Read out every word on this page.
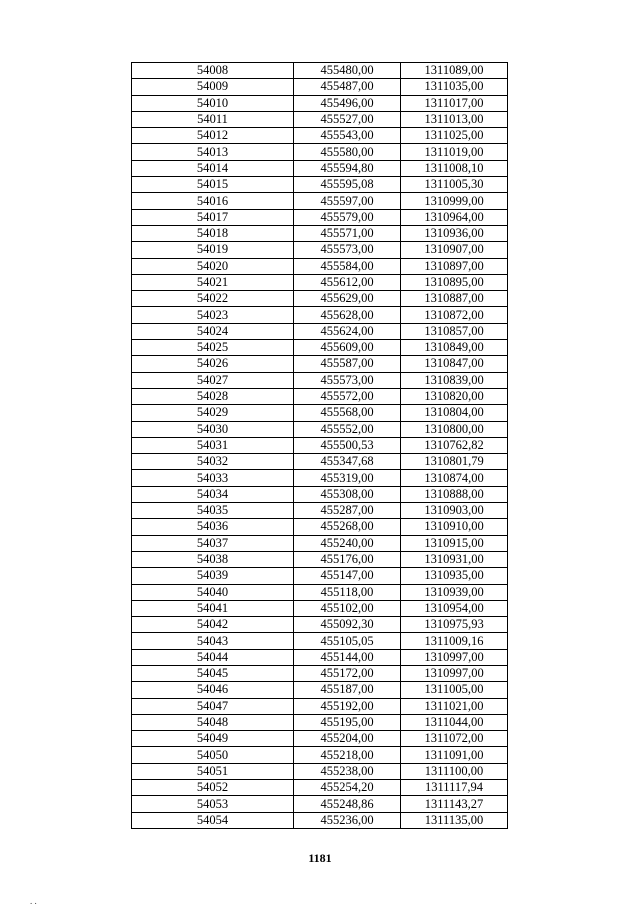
54008	455480,00	1311089,00
54009	455487,00	1311035,00
54010	455496,00	1311017,00
54011	455527,00	1311013,00
54012	455543,00	1311025,00
54013	455580,00	1311019,00
54014	455594,80	1311008,10
54015	455595,08	1311005,30
54016	455597,00	1310999,00
54017	455579,00	1310964,00
54018	455571,00	1310936,00
54019	455573,00	1310907,00
54020	455584,00	1310897,00
54021	455612,00	1310895,00
54022	455629,00	1310887,00
54023	455628,00	1310872,00
54024	455624,00	1310857,00
54025	455609,00	1310849,00
54026	455587,00	1310847,00
54027	455573,00	1310839,00
54028	455572,00	1310820,00
54029	455568,00	1310804,00
54030	455552,00	1310800,00
54031	455500,53	1310762,82
54032	455347,68	1310801,79
54033	455319,00	1310874,00
54034	455308,00	1310888,00
54035	455287,00	1310903,00
54036	455268,00	1310910,00
54037	455240,00	1310915,00
54038	455176,00	1310931,00
54039	455147,00	1310935,00
54040	455118,00	1310939,00
54041	455102,00	1310954,00
54042	455092,30	1310975,93
54043	455105,05	1311009,16
54044	455144,00	1310997,00
54045	455172,00	1310997,00
54046	455187,00	1311005,00
54047	455192,00	1311021,00
54048	455195,00	1311044,00
54049	455204,00	1311072,00
54050	455218,00	1311091,00
54051	455238,00	1311100,00
54052	455254,20	1311117,94
54053	455248,86	1311143,27
54054	455236,00	1311135,00
1181
. .
